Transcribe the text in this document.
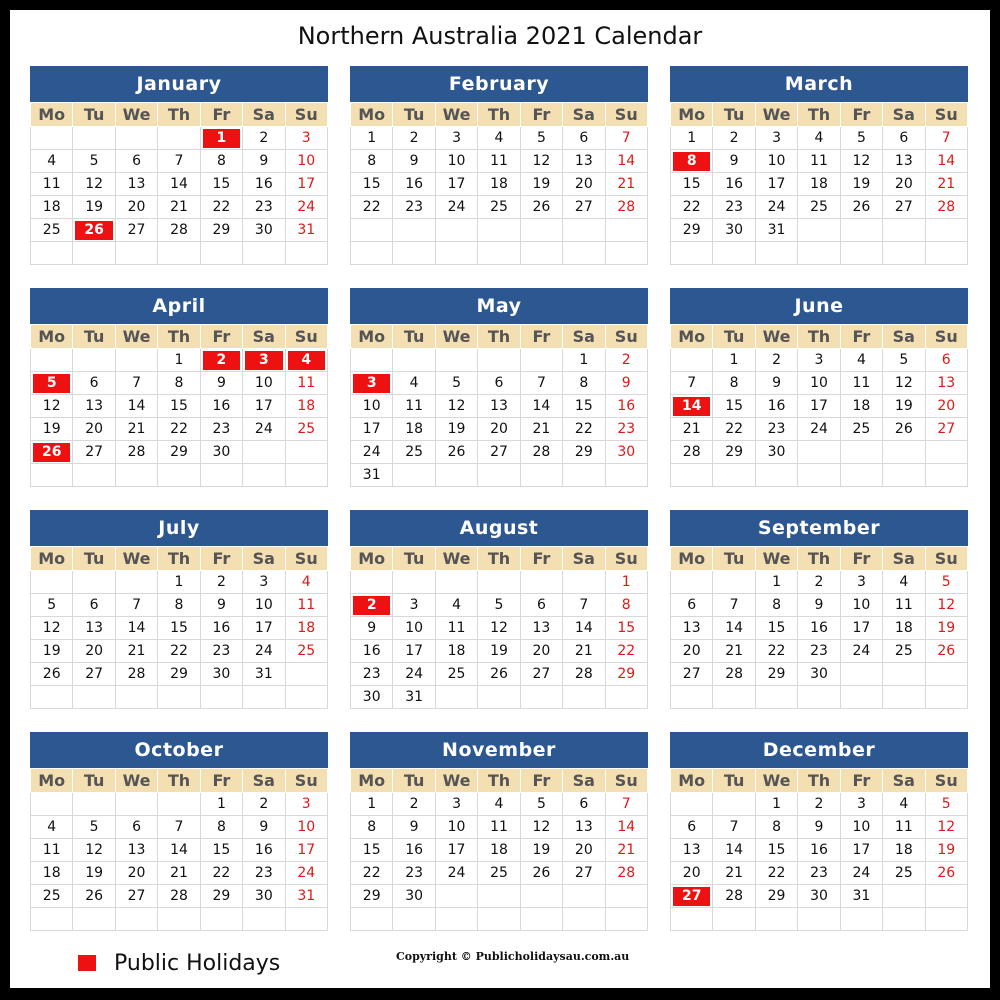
Northern Australia 2021 Calendar
January
Mo	Tu	We	Th	Fr	Sa	Su

				1	2	3
4	5	6	7	8	9	10
11	12	13	14	15	16	17
18	19	20	21	22	23	24
25	26	27	28	29	30	31

February
Mo	Tu	We	Th	Fr	Sa	Su
1	2	3	4	5	6	7
8	9	10	11	12	13	14
15	16	17	18	19	20	21
22	23	24	25	26	27	28

March
Mo	Tu	We	Th	Fr	Sa	Su
1	2	3	4	5	6	7

8	9	10	11	12	13	14
15	16	17	18	19	20	21
22	23	24	25	26	27	28
29	30	31				

April
Mo	Tu	We	Th	Fr	Sa	Su
			1	2	3	4

5	6	7	8	9	10	11
12	13	14	15	16	17	18
19	20	21	22	23	24	25

26	27	28	29	30		

May
Mo	Tu	We	Th	Fr	Sa	Su
					1	2

3	4	5	6	7	8	9
10	11	12	13	14	15	16
17	18	19	20	21	22	23
24	25	26	27	28	29	30
31						
June
Mo	Tu	We	Th	Fr	Sa	Su
	1	2	3	4	5	6
7	8	9	10	11	12	13

14	15	16	17	18	19	20
21	22	23	24	25	26	27
28	29	30				

July
Mo	Tu	We	Th	Fr	Sa	Su
			1	2	3	4
5	6	7	8	9	10	11
12	13	14	15	16	17	18
19	20	21	22	23	24	25
26	27	28	29	30	31	

August
Mo	Tu	We	Th	Fr	Sa	Su
						1

2	3	4	5	6	7	8
9	10	11	12	13	14	15
16	17	18	19	20	21	22
23	24	25	26	27	28	29
30	31					
September
Mo	Tu	We	Th	Fr	Sa	Su
		1	2	3	4	5
6	7	8	9	10	11	12
13	14	15	16	17	18	19
20	21	22	23	24	25	26
27	28	29	30			

October
Mo	Tu	We	Th	Fr	Sa	Su
				1	2	3
4	5	6	7	8	9	10
11	12	13	14	15	16	17
18	19	20	21	22	23	24
25	26	27	28	29	30	31

November
Mo	Tu	We	Th	Fr	Sa	Su
1	2	3	4	5	6	7
8	9	10	11	12	13	14
15	16	17	18	19	20	21
22	23	24	25	26	27	28
29	30					

December
Mo	Tu	We	Th	Fr	Sa	Su
		1	2	3	4	5
6	7	8	9	10	11	12
13	14	15	16	17	18	19
20	21	22	23	24	25	26

27	28	29	30	31		

Public Holidays	Copyright © Publicholidaysau.com.au
